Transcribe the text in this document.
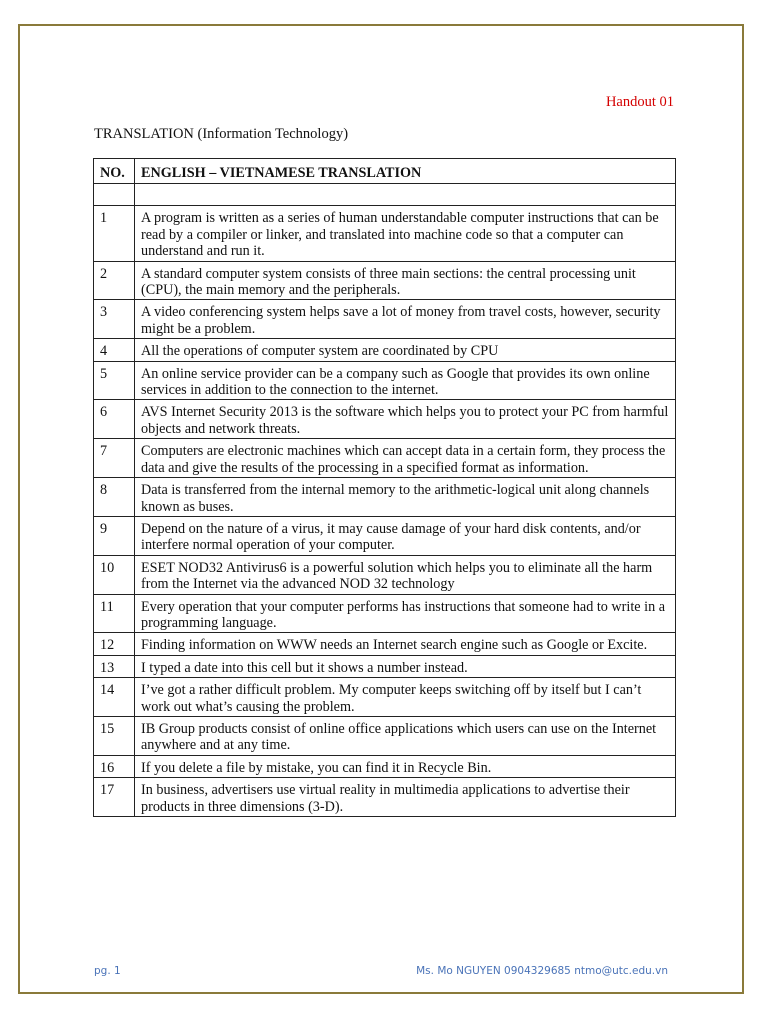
Handout 01
TRANSLATION (Information Technology)
NO.	ENGLISH – VIETNAMESE TRANSLATION

1	A program is written as a series of human understandable computer instructions that can be read by a compiler or linker, and translated into machine code so that a computer can understand and run it.
2	A standard computer system consists of three main sections: the central processing unit (CPU), the main memory and the peripherals.
3	A video conferencing system helps save a lot of money from travel costs, however, security might be a problem.
4	All the operations of computer system are coordinated by CPU
5	An online service provider can be a company such as Google that provides its own online services in addition to the connection to the internet.
6	AVS Internet Security 2013 is the software which helps you to protect your PC from harmful objects and network threats.
7	Computers are electronic machines which can accept data in a certain form, they process the data and give the results of the processing in a specified format as information.
8	Data is transferred from the internal memory to the arithmetic-logical unit along channels known as buses.
9	Depend on the nature of a virus, it may cause damage of your hard disk contents, and/or interfere normal operation of your computer.
10	ESET NOD32 Antivirus6 is a powerful solution which helps you to eliminate all the harm from the Internet via the advanced NOD 32 technology
11	Every operation that your computer performs has instructions that someone had to write in a programming language.
12	Finding information on WWW needs an Internet search engine such as Google or Excite.
13	I typed a date into this cell but it shows a number instead.
14	I’ve got a rather difficult problem. My computer keeps switching off by itself but I can’t work out what’s causing the problem.
15	IB Group products consist of online office applications which users can use on the Internet anywhere and at any time.
16	If you delete a file by mistake, you can find it in Recycle Bin.
17	In business, advertisers use virtual reality in multimedia applications to advertise their products in three dimensions (3-D).
pg. 1	Ms. Mo NGUYEN 0904329685 ntmo@utc.edu.vn
